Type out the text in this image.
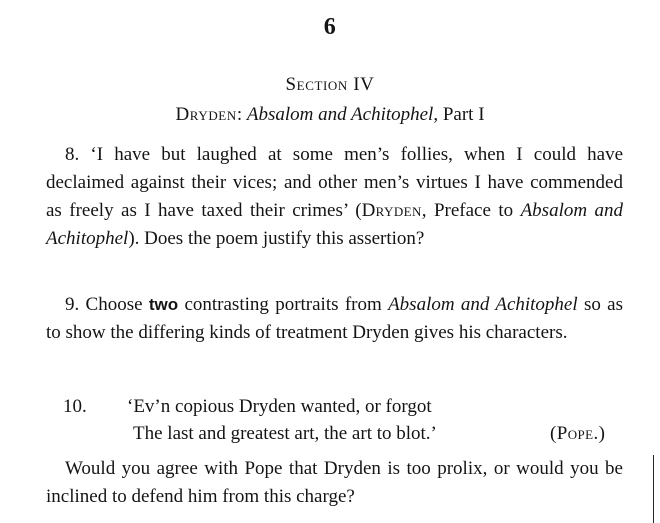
6
Section IV
Dryden: Absalom and Achitophel, Part I
8. ‘I have but laughed at some men’s follies, when I could have declaimed against their vices; and other men’s virtues I have commended as freely as I have taxed their crimes’ (Dryden, Preface to Absalom and Achitophel). Does the poem justify this assertion?
9. Choose two contrasting portraits from Absalom and Achitophel so as to show the differing kinds of treatment Dryden gives his characters.
10. ‘Ev’n copious Dryden wanted, or forgot
The last and greatest art, the art to blot.’	(Pope.)
Would you agree with Pope that Dryden is too prolix, or would you be inclined to defend him from this charge?
